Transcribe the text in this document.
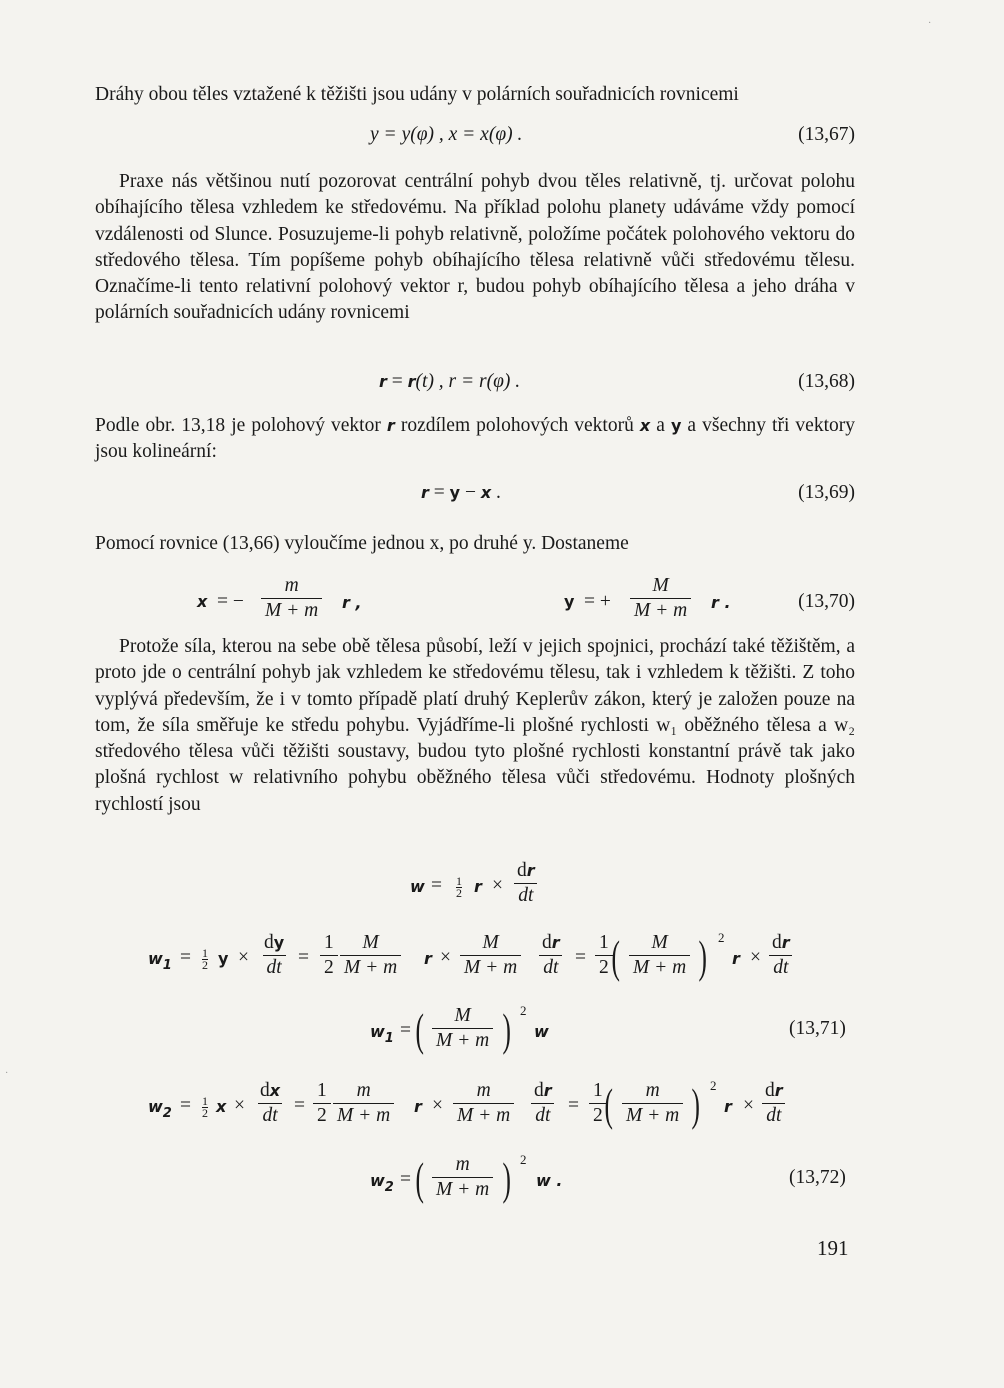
Dráhy obou těles vztažené k těžišti jsou udány v polárních souřadnicích rovnicemi
y = y(φ) , x = x(φ) .	(13,67)
Praxe nás většinou nutí pozorovat centrální pohyb dvou těles relativně, tj. určovat polohu obíhajícího tělesa vzhledem ke středovému. Na příklad polohu planety udáváme vždy pomocí vzdálenosti od Slunce. Posuzujeme-li pohyb relativně, položíme počátek polohového vektoru do středového tělesa. Tím popíšeme pohyb obíhajícího tělesa relativně vůči středovému tělesu. Označíme-li tento relativní polohový vektor r, budou pohyb obíhajícího tělesa a jeho dráha v polárních souřadnicích udány rovnicemi
r = r(t) , r = r(φ) .	(13,68)
Podle obr. 13,18 je polohový vektor r rozdílem polohových vektorů x a y a všechny tři vektory jsou kolineární:
r = y − x .	(13,69)
Pomocí rovnice (13,66) vyloučíme jednou x, po druhé y. Dostaneme
x = − $\frac{m}{M + m}$ r ,	y = + $\frac{M}{M + m}$ r .	(13,70)
Protože síla, kterou na sebe obě tělesa působí, leží v jejich spojnici, prochází také těžištěm, a proto jde o centrální pohyb jak vzhledem ke středovému tělesu, tak i vzhledem k těžišti. Z toho vyplývá především, že i v tomto případě platí druhý Keplerův zákon, který je založen pouze na tom, že síla směřuje ke středu pohybu. Vyjádříme-li plošné rychlosti w₁ oběžného tělesa a w₂ středového tělesa vůči těžišti soustavy, budou tyto plošné rychlosti konstantní právě tak jako plošná rychlost w relativního pohybu oběžného tělesa vůči středovému. Hodnoty plošných rychlostí jsou
w = 1
2 $r \times \frac{dr}{dt}$
$w_1 = 1$
2 $y \times \frac{dy}{dt} = \frac{1}{2} \frac{M}{M + m}$ $r \times \frac{M}{M + m} \frac{dr}{dt} = \frac{1}{2}$
( $\frac{M}{M + m}$ ) 2
$r \times \frac{dr}{dt}$
$w_1$ = ( $\frac{M}{M + m}$ ) 2
w	(13,71)
$w_2 = 1$
2 $x \times \frac{dx}{dt} = \frac{1}{2} \frac{m}{M + m}$ $r \times \frac{m}{M + m} \frac{dr}{dt} = \frac{1}{2}$
( $\frac{m}{M + m}$ ) 2
$r \times \frac{dr}{dt}$
$w_2$ = ( $\frac{m}{M + m}$ ) 2
w .	(13,72)
191
·
·
